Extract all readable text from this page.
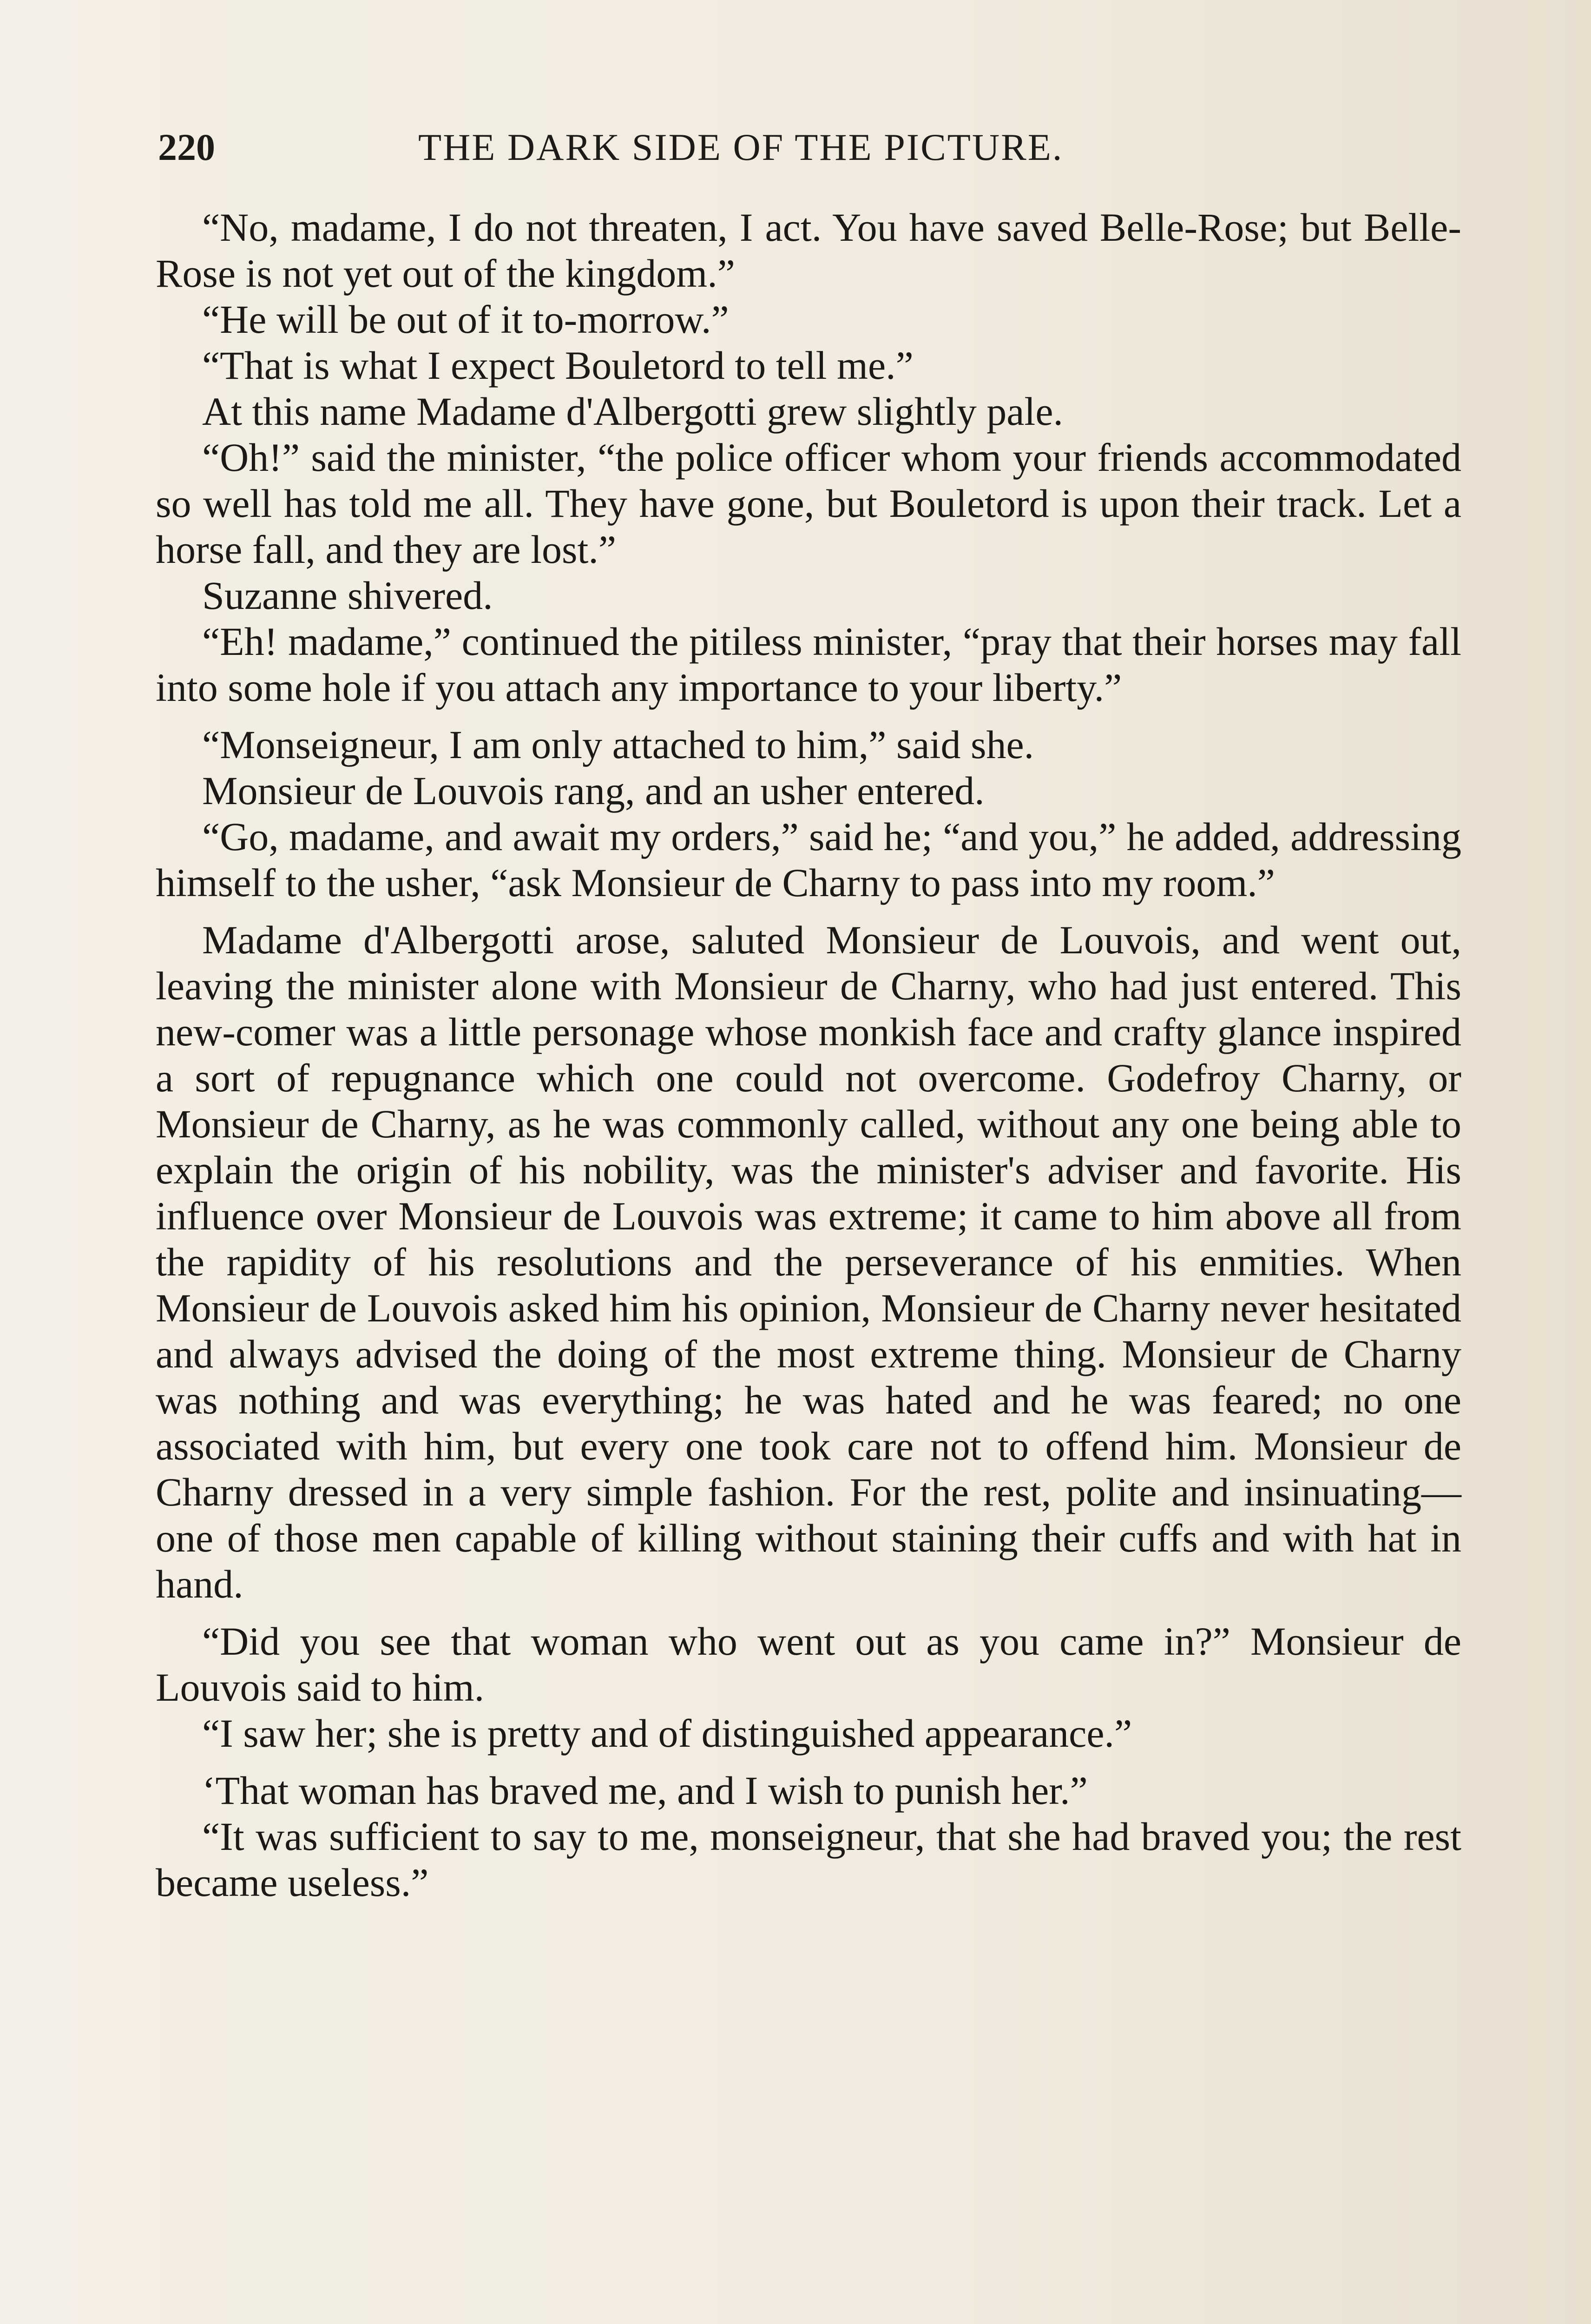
220	THE DARK SIDE OF THE PICTURE.

“No, madame, I do not threaten, I act. You have saved Belle-Rose; but Belle-Rose is not yet out of the kingdom.”

“He will be out of it to-morrow.”

“That is what I expect Bouletord to tell me.”

At this name Madame d'Albergotti grew slightly pale.

“Oh!” said the minister, “the police officer whom your friends accommodated so well has told me all. They have gone, but Bouletord is upon their track. Let a horse fall, and they are lost.”

Suzanne shivered.

“Eh! madame,” continued the pitiless minister, “pray that their horses may fall into some hole if you attach any importance to your liberty.”

“Monseigneur, I am only attached to him,” said she.

Monsieur de Louvois rang, and an usher entered.

“Go, madame, and await my orders,” said he; “and you,” he added, addressing himself to the usher, “ask Monsieur de Charny to pass into my room.”

Madame d'Albergotti arose, saluted Monsieur de Louvois, and went out, leaving the minister alone with Monsieur de Charny, who had just entered. This new-comer was a little personage whose monkish face and crafty glance inspired a sort of repugnance which one could not overcome. Godefroy Charny, or Monsieur de Charny, as he was commonly called, without any one being able to explain the origin of his nobility, was the minister's adviser and favorite. His influence over Monsieur de Louvois was extreme; it came to him above all from the rapidity of his resolutions and the perseverance of his enmities. When Monsieur de Louvois asked him his opinion, Monsieur de Charny never hesitated and always advised the doing of the most extreme thing. Monsieur de Charny was nothing and was everything; he was hated and he was feared; no one associated with him, but every one took care not to offend him. Monsieur de Charny dressed in a very simple fashion. For the rest, polite and insinuating—one of those men capable of killing without staining their cuffs and with hat in hand.

“Did you see that woman who went out as you came in?” Monsieur de Louvois said to him.

“I saw her; she is pretty and of distinguished appearance.”

‘That woman has braved me, and I wish to punish her.”

“It was sufficient to say to me, monseigneur, that she had braved you; the rest became useless.”
